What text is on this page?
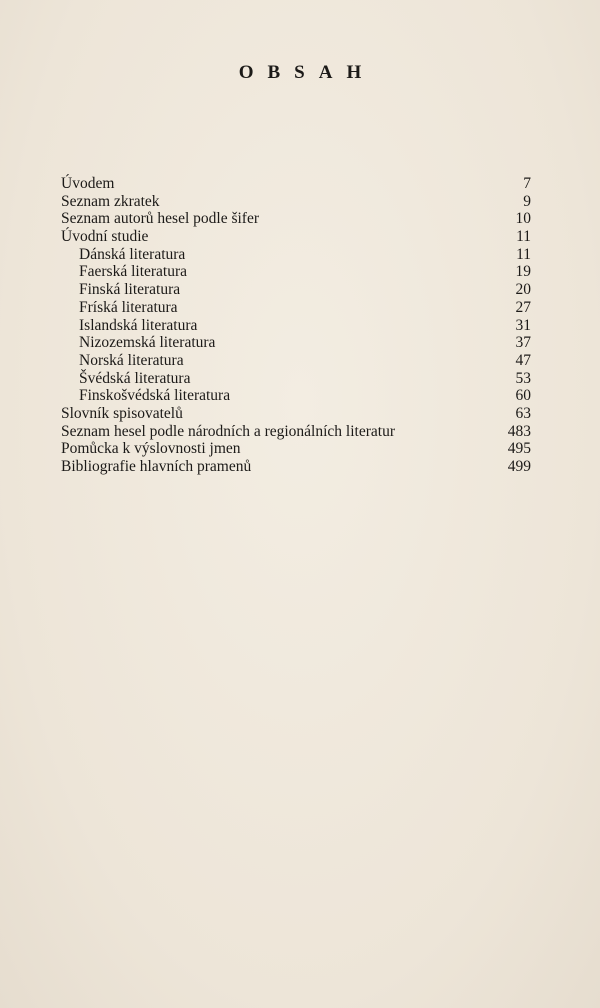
OBSAH
Úvodem	7
Seznam zkratek	9
Seznam autorů hesel podle šifer	10
Úvodní studie	11
Dánská literatura	11
Faerská literatura	19
Finská literatura	20
Fríská literatura	27
Islandská literatura	31
Nizozemská literatura	37
Norská literatura	47
Švédská literatura	53
Finskošvédská literatura	60
Slovník spisovatelů	63
Seznam hesel podle národních a regionálních literatur	483
Pomůcka k výslovnosti jmen	495
Bibliografie hlavních pramenů	499
